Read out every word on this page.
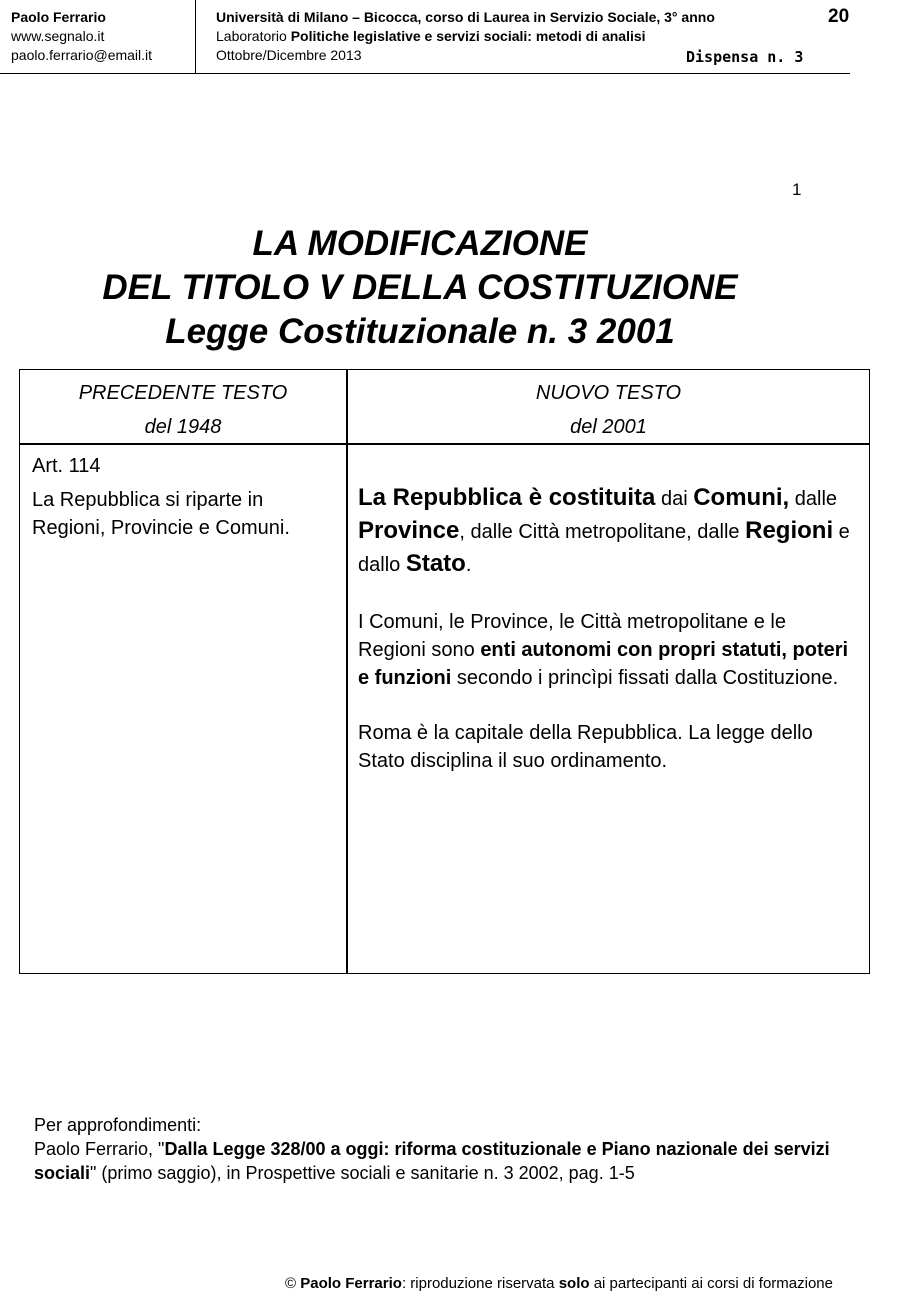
Paolo Ferrario
www.segnalo.it
paolo.ferrario@email.it
Università di Milano – Bicocca, corso di Laurea in Servizio Sociale, 3° anno
Laboratorio Politiche legislative e servizi sociali: metodi di analisi
Ottobre/Dicembre 2013
20
Dispensa n. 3
1
LA MODIFICAZIONE
DEL TITOLO V DELLA COSTITUZIONE
Legge Costituzionale n. 3 2001
PRECEDENTE TESTO
del 1948
NUOVO TESTO
del 2001

Art. 114

La Repubblica si riparte in Regioni, Provincie e Comuni.

La Repubblica è costituita dai Comuni, dalle Province, dalle Città metropolitane, dalle Regioni e dallo Stato.

I Comuni, le Province, le Città metropolitane e le Regioni sono enti autonomi con propri statuti, poteri e funzioni secondo i princìpi fissati dalla Costituzione.

Roma è la capitale della Repubblica. La legge dello Stato disciplina il suo ordinamento.

Per approfondimenti:
Paolo Ferrario, "Dalla Legge 328/00 a oggi: riforma costituzionale e Piano nazionale dei servizi sociali" (primo saggio), in Prospettive sociali e sanitarie n. 3 2002, pag. 1-5
© Paolo Ferrario: riproduzione riservata solo ai partecipanti ai corsi di formazione
